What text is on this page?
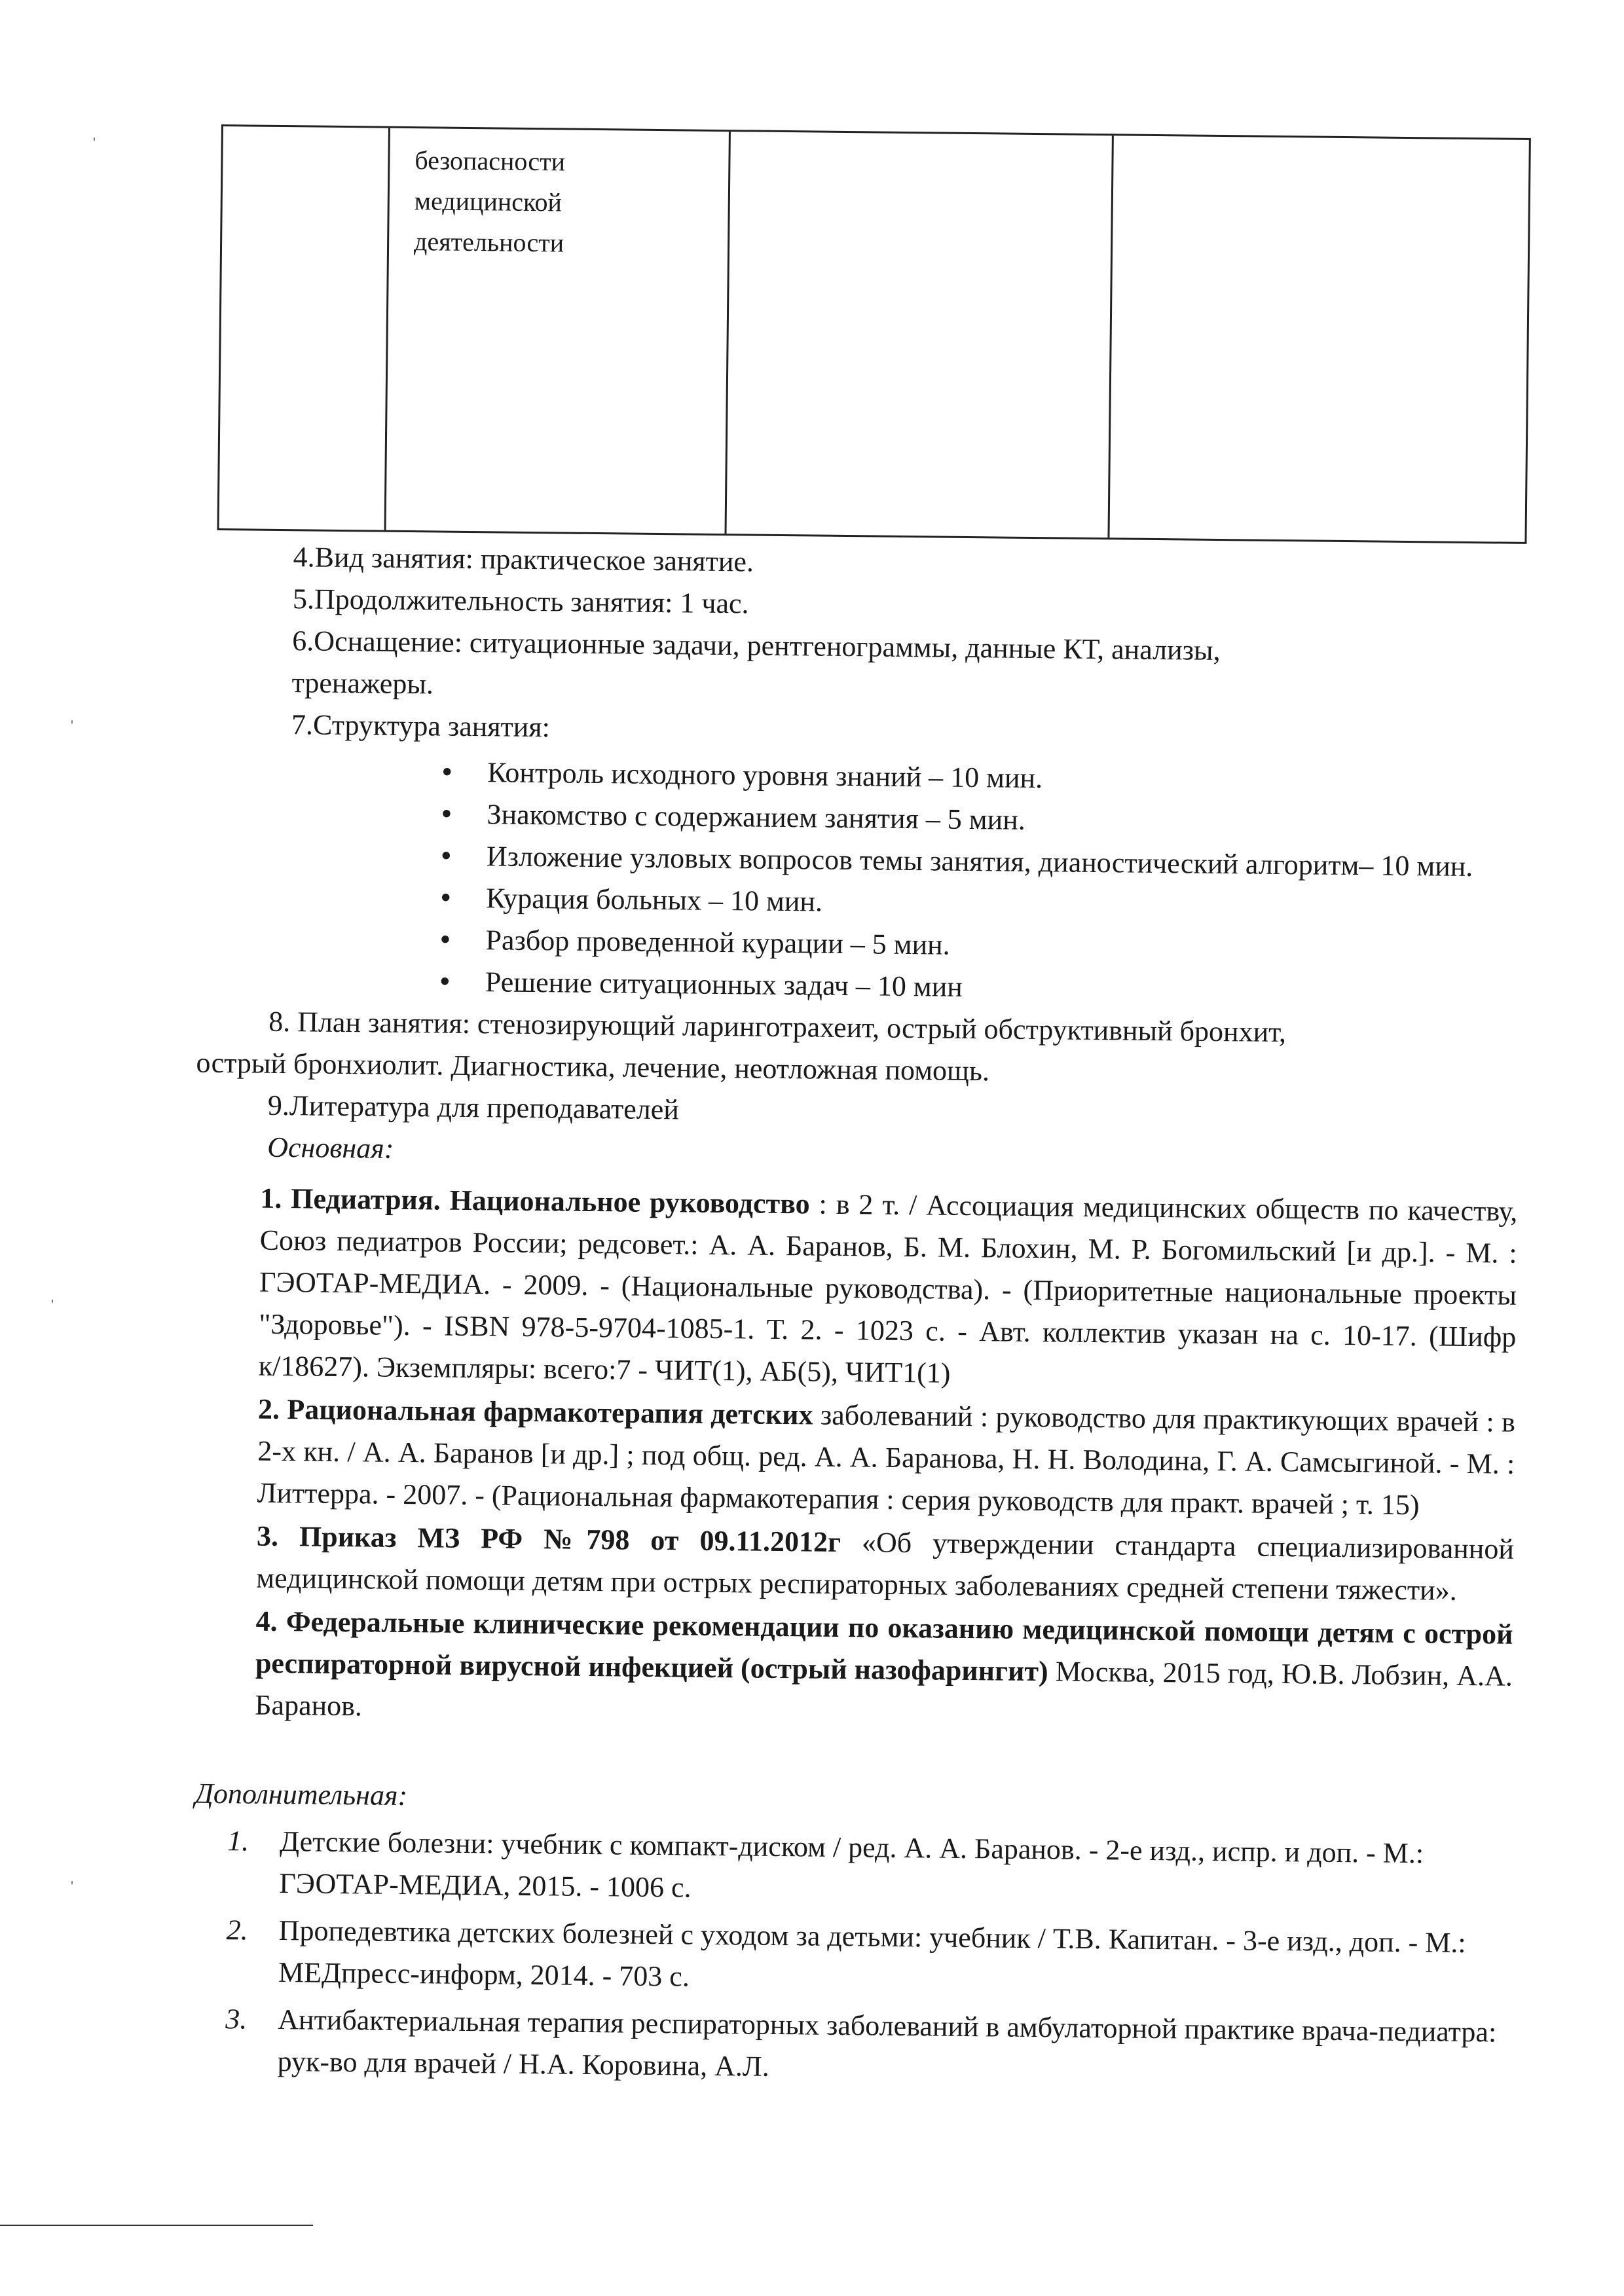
'
'
'
'
безопасности
медицинской
деятельности

4.Вид занятия: практическое занятие.

5.Продолжительность занятия: 1 час.

6.Оснащение: ситуационные задачи, рентгенограммы, данные КТ, анализы,

тренажеры.

7.Структура занятия:

• Контроль исходного уровня знаний – 10 мин.
• Знакомство с содержанием занятия – 5 мин.
• Изложение узловых вопросов темы занятия, дианостический алгоритм– 10 мин.
• Курация больных – 10 мин.
• Разбор проведенной курации – 5 мин.
• Решение ситуационных задач – 10 мин

8. План занятия: стенозирующий ларинготрахеит, острый обструктивный бронхит,

острый бронхиолит. Диагностика, лечение, неотложная помощь.

9.Литература для преподавателей

Основная:

1. Педиатрия. Национальное руководство : в 2 т. / Ассоциация медицинских обществ по качеству, Союз педиатров России; редсовет.: А. А. Баранов, Б. М. Блохин, М. Р. Богомильский [и др.]. - М. : ГЭОТАР-МЕДИА. - 2009. - (Национальные руководства). - (Приоритетные национальные проекты "Здоровье"). - ISBN 978-5-9704-1085-1. Т. 2. - 1023 с. - Авт. коллектив указан на с. 10-17. (Шифр к/18627). Экземпляры: всего:7 - ЧИТ(1), АБ(5), ЧИТ1(1)

2. Рациональная фармакотерапия детских заболеваний : руководство для практикующих врачей : в 2-х кн. / А. А. Баранов [и др.] ; под общ. ред. А. А. Баранова, Н. Н. Володина, Г. А. Самсыгиной. - М. : Литтерра. - 2007. - (Рациональная фармакотерапия : серия руководств для практ. врачей ; т. 15)

3. Приказ МЗ РФ №798 от 09.11.2012г «Об утверждении стандарта специализированной медицинской помощи детям при острых респираторных заболеваниях средней степени тяжести».

4. Федеральные клинические рекомендации по оказанию медицинской помощи детям с острой респираторной вирусной инфекцией (острый назофарингит) Москва, 2015 год, Ю.В. Лобзин, А.А. Баранов.

Дополнительная:

1. Детские болезни: учебник с компакт-диском / ред. А. А. Баранов. - 2-е изд., испр. и доп. - М.: ГЭОТАР-МЕДИА, 2015. - 1006 с.
2. Пропедевтика детских болезней с уходом за детьми: учебник / Т.В. Капитан. - 3-е изд., доп. - М.: МЕДпресс-информ, 2014. - 703 с.
3. Антибактериальная терапия респираторных заболеваний в амбулаторной практике врача-педиатра: рук-во для врачей / Н.А. Коровина, А.Л.
